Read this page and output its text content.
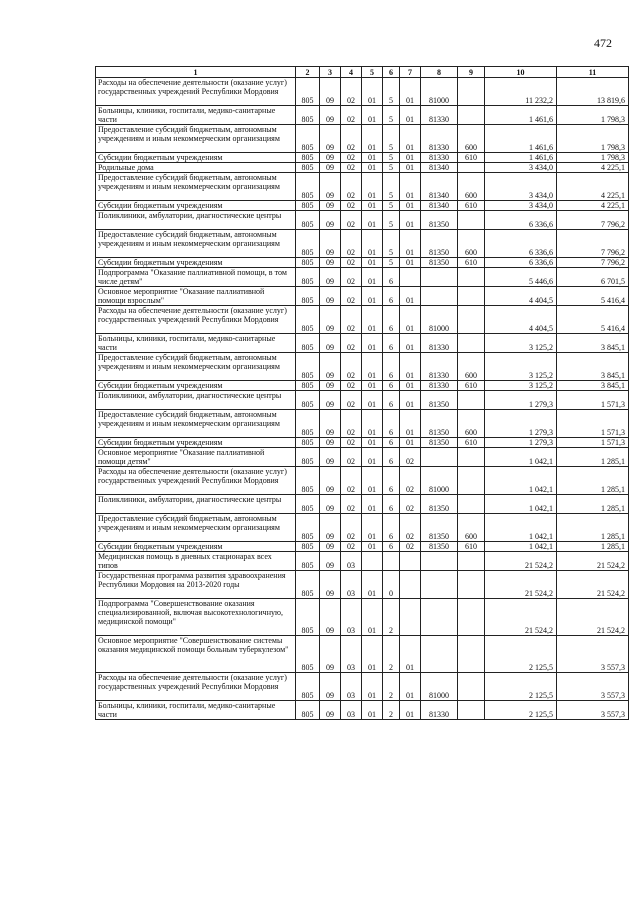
472
1	2	3	4	5	6	7	8	9	10	11
Расходы на обеспечение деятельности (оказание услуг) государственных учреждений Республики Мордовия	805	09	02	01	5	01	81000		11 232,2	13 819,6
Больницы, клиники, госпитали, медико-санитарные части	805	09	02	01	5	01	81330		1 461,6	1 798,3
Предоставление субсидий бюджетным, автономным учреждениям и иным некоммерческим организациям	805	09	02	01	5	01	81330	600	1 461,6	1 798,3
Субсидии бюджетным учреждениям	805	09	02	01	5	01	81330	610	1 461,6	1 798,3
Родильные дома	805	09	02	01	5	01	81340		3 434,0	4 225,1
Предоставление субсидий бюджетным, автономным учреждениям и иным некоммерческим организациям	805	09	02	01	5	01	81340	600	3 434,0	4 225,1
Субсидии бюджетным учреждениям	805	09	02	01	5	01	81340	610	3 434,0	4 225,1
Поликлиники, амбулатории, диагностические центры	805	09	02	01	5	01	81350		6 336,6	7 796,2
Предоставление субсидий бюджетным, автономным учреждениям и иным некоммерческим организациям	805	09	02	01	5	01	81350	600	6 336,6	7 796,2
Субсидии бюджетным учреждениям	805	09	02	01	5	01	81350	610	6 336,6	7 796,2
Подпрограмма "Оказание паллиативной помощи, в том числе детям"	805	09	02	01	6				5 446,6	6 701,5
Основное мероприятие "Оказание паллиативной помощи взрослым"	805	09	02	01	6	01			4 404,5	5 416,4
Расходы на обеспечение деятельности (оказание услуг) государственных учреждений Республики Мордовия	805	09	02	01	6	01	81000		4 404,5	5 416,4
Больницы, клиники, госпитали, медико-санитарные части	805	09	02	01	6	01	81330		3 125,2	3 845,1
Предоставление субсидий бюджетным, автономным учреждениям и иным некоммерческим организациям	805	09	02	01	6	01	81330	600	3 125,2	3 845,1
Субсидии бюджетным учреждениям	805	09	02	01	6	01	81330	610	3 125,2	3 845,1
Поликлиники, амбулатории, диагностические центры	805	09	02	01	6	01	81350		1 279,3	1 571,3
Предоставление субсидий бюджетным, автономным учреждениям и иным некоммерческим организациям	805	09	02	01	6	01	81350	600	1 279,3	1 571,3
Субсидии бюджетным учреждениям	805	09	02	01	6	01	81350	610	1 279,3	1 571,3
Основное мероприятие "Оказание паллиативной помощи детям"	805	09	02	01	6	02			1 042,1	1 285,1
Расходы на обеспечение деятельности (оказание услуг) государственных учреждений Республики Мордовия	805	09	02	01	6	02	81000		1 042,1	1 285,1
Поликлиники, амбулатории, диагностические центры	805	09	02	01	6	02	81350		1 042,1	1 285,1
Предоставление субсидий бюджетным, автономным учреждениям и иным некоммерческим организациям	805	09	02	01	6	02	81350	600	1 042,1	1 285,1
Субсидии бюджетным учреждениям	805	09	02	01	6	02	81350	610	1 042,1	1 285,1
Медицинская помощь в дневных стационарах всех типов	805	09	03						21 524,2	21 524,2
Государственная программа развития здравоохранения Республики Мордовия на 2013-2020 годы	805	09	03	01	0				21 524,2	21 524,2
Подпрограмма "Совершенствование оказания специализированной, включая высокотехнологичную, медицинской помощи"	805	09	03	01	2				21 524,2	21 524,2
Основное мероприятие "Совершенствование системы оказания медицинской помощи больным туберкулезом"	805	09	03	01	2	01			2 125,5	3 557,3
Расходы на обеспечение деятельности (оказание услуг) государственных учреждений Республики Мордовия	805	09	03	01	2	01	81000		2 125,5	3 557,3
Больницы, клиники, госпитали, медико-санитарные части	805	09	03	01	2	01	81330		2 125,5	3 557,3
